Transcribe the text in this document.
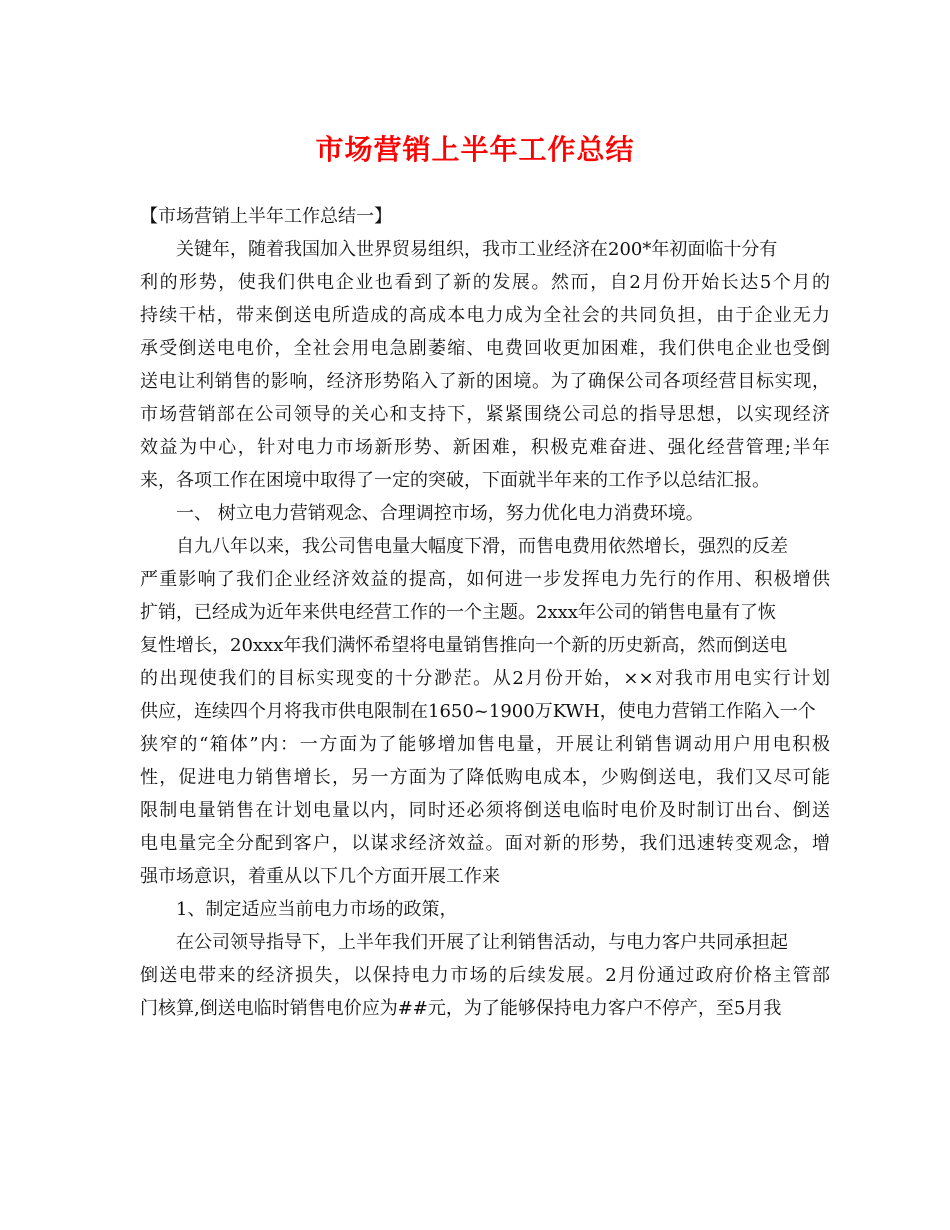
市场营销上半年工作总结
【市场营销上半年工作总结一】
关键年，随着我国加入世界贸易组织，我市工业经济在200*年初面临十分有
利的形势，使我们供电企业也看到了新的发展。然而，自2月份开始长达5个月的
持续干枯，带来倒送电所造成的高成本电力成为全社会的共同负担，由于企业无力
承受倒送电电价，全社会用电急剧萎缩、电费回收更加困难，我们供电企业也受倒
送电让利销售的影响，经济形势陷入了新的困境。为了确保公司各项经营目标实现，
市场营销部在公司领导的关心和支持下，紧紧围绕公司总的指导思想，以实现经济
效益为中心，针对电力市场新形势、新困难，积极克难奋进、强化经营管理;半年
来，各项工作在困境中取得了一定的突破，下面就半年来的工作予以总结汇报。
一、 树立电力营销观念、合理调控市场，努力优化电力消费环境。
自九八年以来，我公司售电量大幅度下滑，而售电费用依然增长，强烈的反差
严重影响了我们企业经济效益的提高，如何进一步发挥电力先行的作用、积极增供
扩销，已经成为近年来供电经营工作的一个主题。2xxx年公司的销售电量有了恢
复性增长，20xxx年我们满怀希望将电量销售推向一个新的历史新高，然而倒送电
的出现使我们的目标实现变的十分渺茫。从2月份开始，××对我市用电实行计划
供应，连续四个月将我市供电限制在1650~1900万KWH，使电力营销工作陷入一个
狭窄的“箱体”内：一方面为了能够增加售电量，开展让利销售调动用户用电积极
性，促进电力销售增长，另一方面为了降低购电成本，少购倒送电，我们又尽可能
限制电量销售在计划电量以内，同时还必须将倒送电临时电价及时制订出台、倒送
电电量完全分配到客户，以谋求经济效益。面对新的形势，我们迅速转变观念，增
强市场意识，着重从以下几个方面开展工作来
1、制定适应当前电力市场的政策，
在公司领导指导下，上半年我们开展了让利销售活动，与电力客户共同承担起
倒送电带来的经济损失，以保持电力市场的后续发展。2月份通过政府价格主管部
门核算,倒送电临时销售电价应为##元，为了能够保持电力客户不停产，至5月我
